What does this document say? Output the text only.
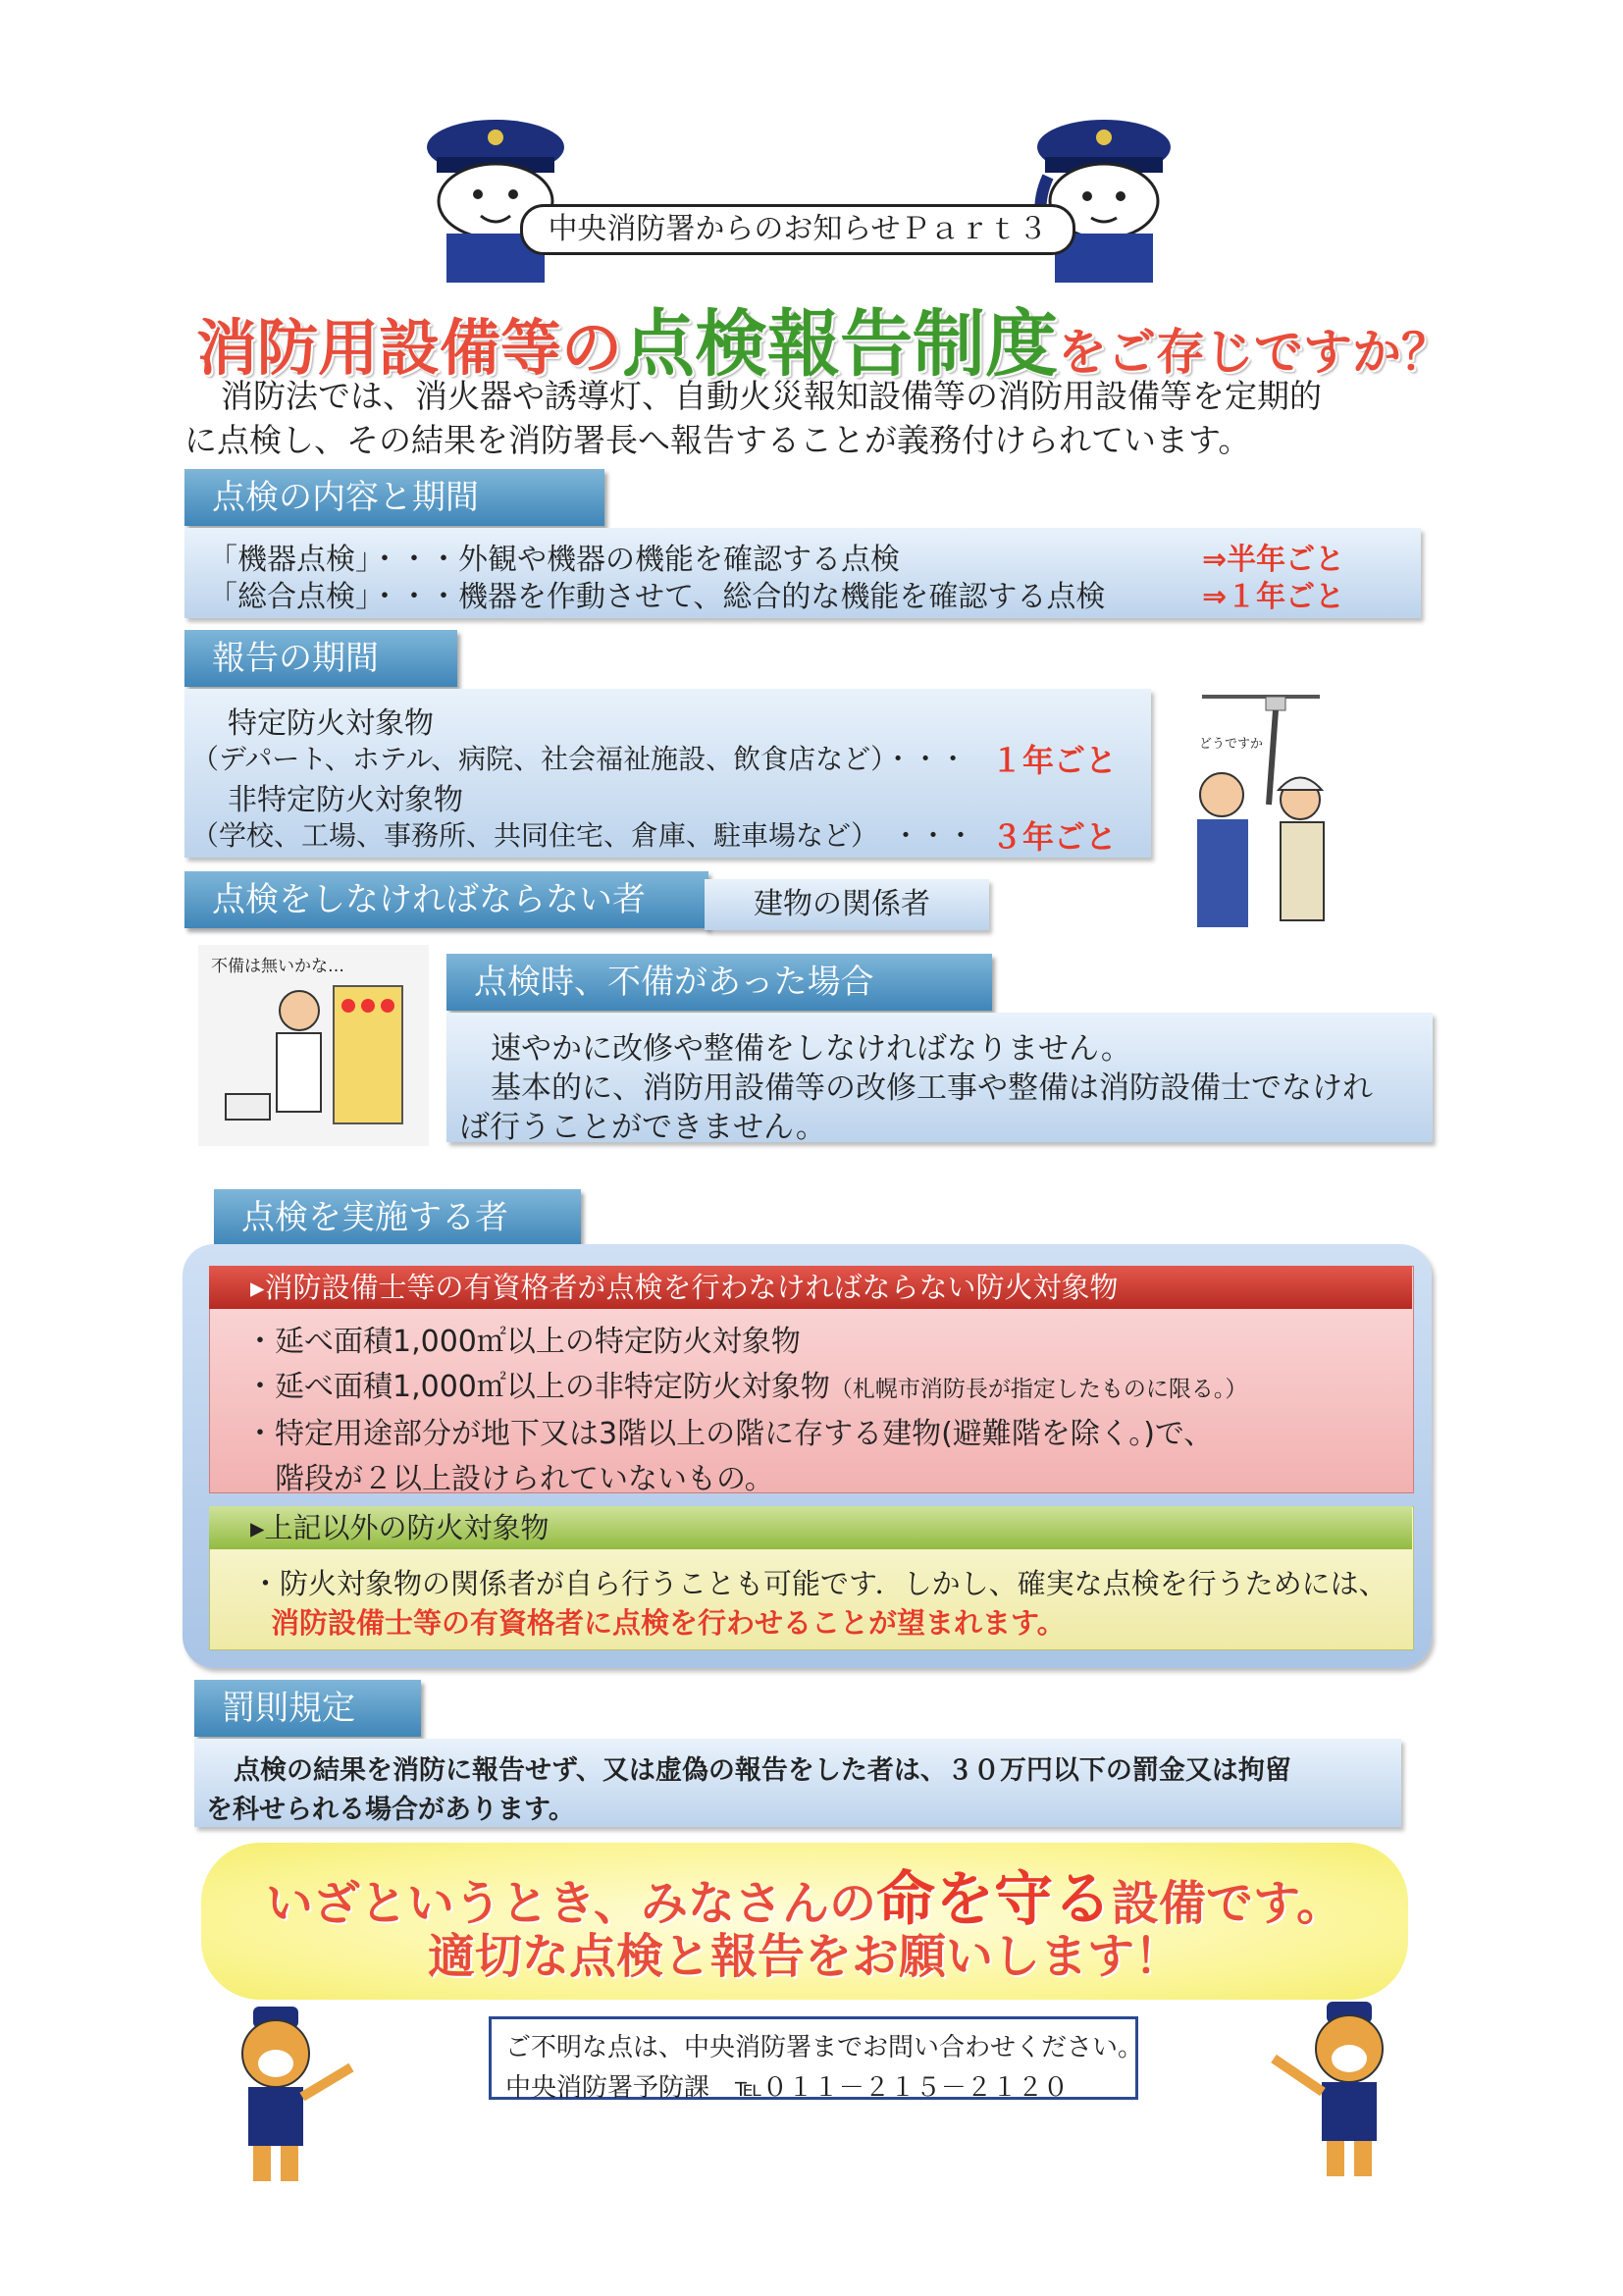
中央消防署からのお知らせＰａｒｔ３
消防用設備等の点検報告制度をご存じですか？
消防法では、消火器や誘導灯、自動火災報知設備等の消防用設備等を定期的
に点検し、その結果を消防署長へ報告することが義務付けられています。
点検の内容と期間
「機器点検」・・・外観や機器の機能を確認する点検	⇒半年ごと
「総合点検」・・・機器を作動させて、総合的な機能を確認する点検	⇒１年ごと
報告の期間
特定防火対象物
（デパート、ホテル、病院、社会福祉施設、飲食店など）・・・ １年ごと
非特定防火対象物
（学校、工場、事務所、共同住宅、倉庫、駐車場など）　・・・ ３年ごと
どうですか
点検をしなければならない者	建物の関係者
不備は無いかな…	点検時、不備があった場合
速やかに改修や整備をしなければなりません。
基本的に、消防用設備等の改修工事や整備は消防設備士でなけれ
ば行うことができません。
点検を実施する者
▸消防設備士等の有資格者が点検を行わなければならない防火対象物
・延べ面積1,000㎡以上の特定防火対象物
・延べ面積1,000㎡以上の非特定防火対象物（札幌市消防長が指定したものに限る。）
・特定用途部分が地下又は3階以上の階に存する建物(避難階を除く。)で、
　階段が２以上設けられていないもの。
▸上記以外の防火対象物
・防火対象物の関係者が自ら行うことも可能です．しかし、確実な点検を行うためには、
消防設備士等の有資格者に点検を行わせることが望まれます。
罰則規定
点検の結果を消防に報告せず、又は虚偽の報告をした者は、３０万円以下の罰金又は拘留
を科せられる場合があります。
いざというとき、みなさんの命を守る設備です。
適切な点検と報告をお願いします！
ご不明な点は、中央消防署までお問い合わせください。
中央消防署予防課　℡０１１－２１５－２１２０
